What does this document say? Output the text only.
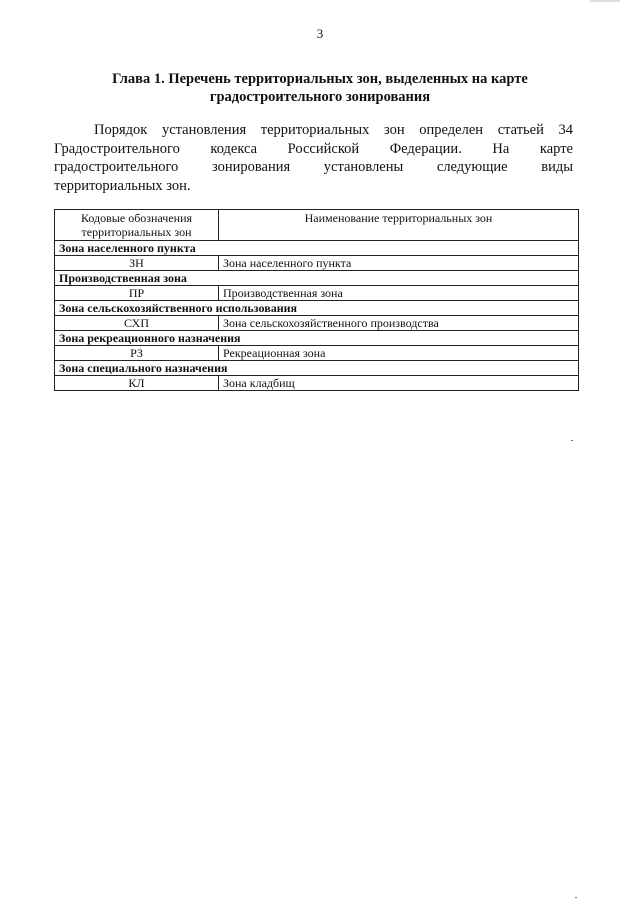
3
Глава 1. Перечень территориальных зон, выделенных на карте
градостроительного зонирования
Порядок установления территориальных зон определен статьей 34
Градостроительного кодекса Российской Федерации. На карте
градостроительного зонирования установлены следующие виды
территориальных зон.
Кодовые обозначения
территориальных зон	Наименование территориальных зон
Зона населенного пункта	
ЗН	Зона населенного пункта
Производственная зона	
ПР	Производственная зона
Зона сельскохозяйственного использования	
СХП	Зона сельскохозяйственного производства
Зона рекреационного назначения	
РЗ	Рекреационная зона
Зона специального назначения	
КЛ	Зона кладбищ
